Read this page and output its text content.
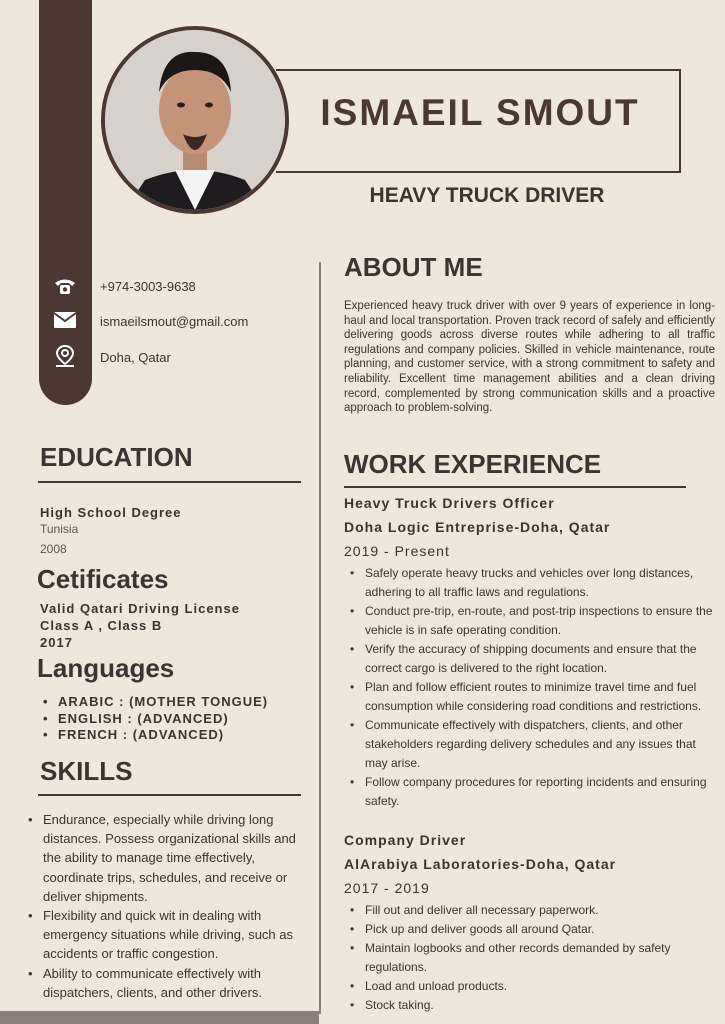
ISMAEIL SMOUT
HEAVY TRUCK DRIVER
+974-3003-9638
ismaeilsmout@gmail.com
Doha, Qatar
EDUCATION
High School Degree
Tunisia
2008
Cetificates
Valid Qatari Driving License
Class A , Class B
2017
Languages
• ARABIC : (MOTHER TONGUE)
• ENGLISH : (ADVANCED)
• FRENCH : (ADVANCED)
SKILLS
• Endurance, especially while driving long distances. Possess organizational skills and the ability to manage time effectively, coordinate trips, schedules, and receive or deliver shipments.
• Flexibility and quick wit in dealing with emergency situations while driving, such as accidents or traffic congestion.
• Ability to communicate effectively with dispatchers, clients, and other drivers.
ABOUT ME
Experienced heavy truck driver with over 9 years of experience in long-haul and local transportation. Proven track record of safely and efficiently delivering goods across diverse routes while adhering to all traffic regulations and company policies. Skilled in vehicle maintenance, route planning, and customer service, with a strong commitment to safety and reliability. Excellent time management abilities and a clean driving record, complemented by strong communication skills and a proactive approach to problem-solving.
WORK EXPERIENCE
Heavy Truck Drivers Officer
Doha Logic Entreprise-Doha, Qatar
2019 - Present
• Safely operate heavy trucks and vehicles over long distances, adhering to all traffic laws and regulations.
• Conduct pre-trip, en-route, and post-trip inspections to ensure the vehicle is in safe operating condition.
• Verify the accuracy of shipping documents and ensure that the correct cargo is delivered to the right location.
• Plan and follow efficient routes to minimize travel time and fuel consumption while considering road conditions and restrictions.
• Communicate effectively with dispatchers, clients, and other stakeholders regarding delivery schedules and any issues that may arise.
• Follow company procedures for reporting incidents and ensuring safety.
Company Driver
AlArabiya Laboratories-Doha, Qatar
2017 - 2019
• Fill out and deliver all necessary paperwork.
• Pick up and deliver goods all around Qatar.
• Maintain logbooks and other records demanded by safety regulations.
• Load and unload products.
• Stock taking.
